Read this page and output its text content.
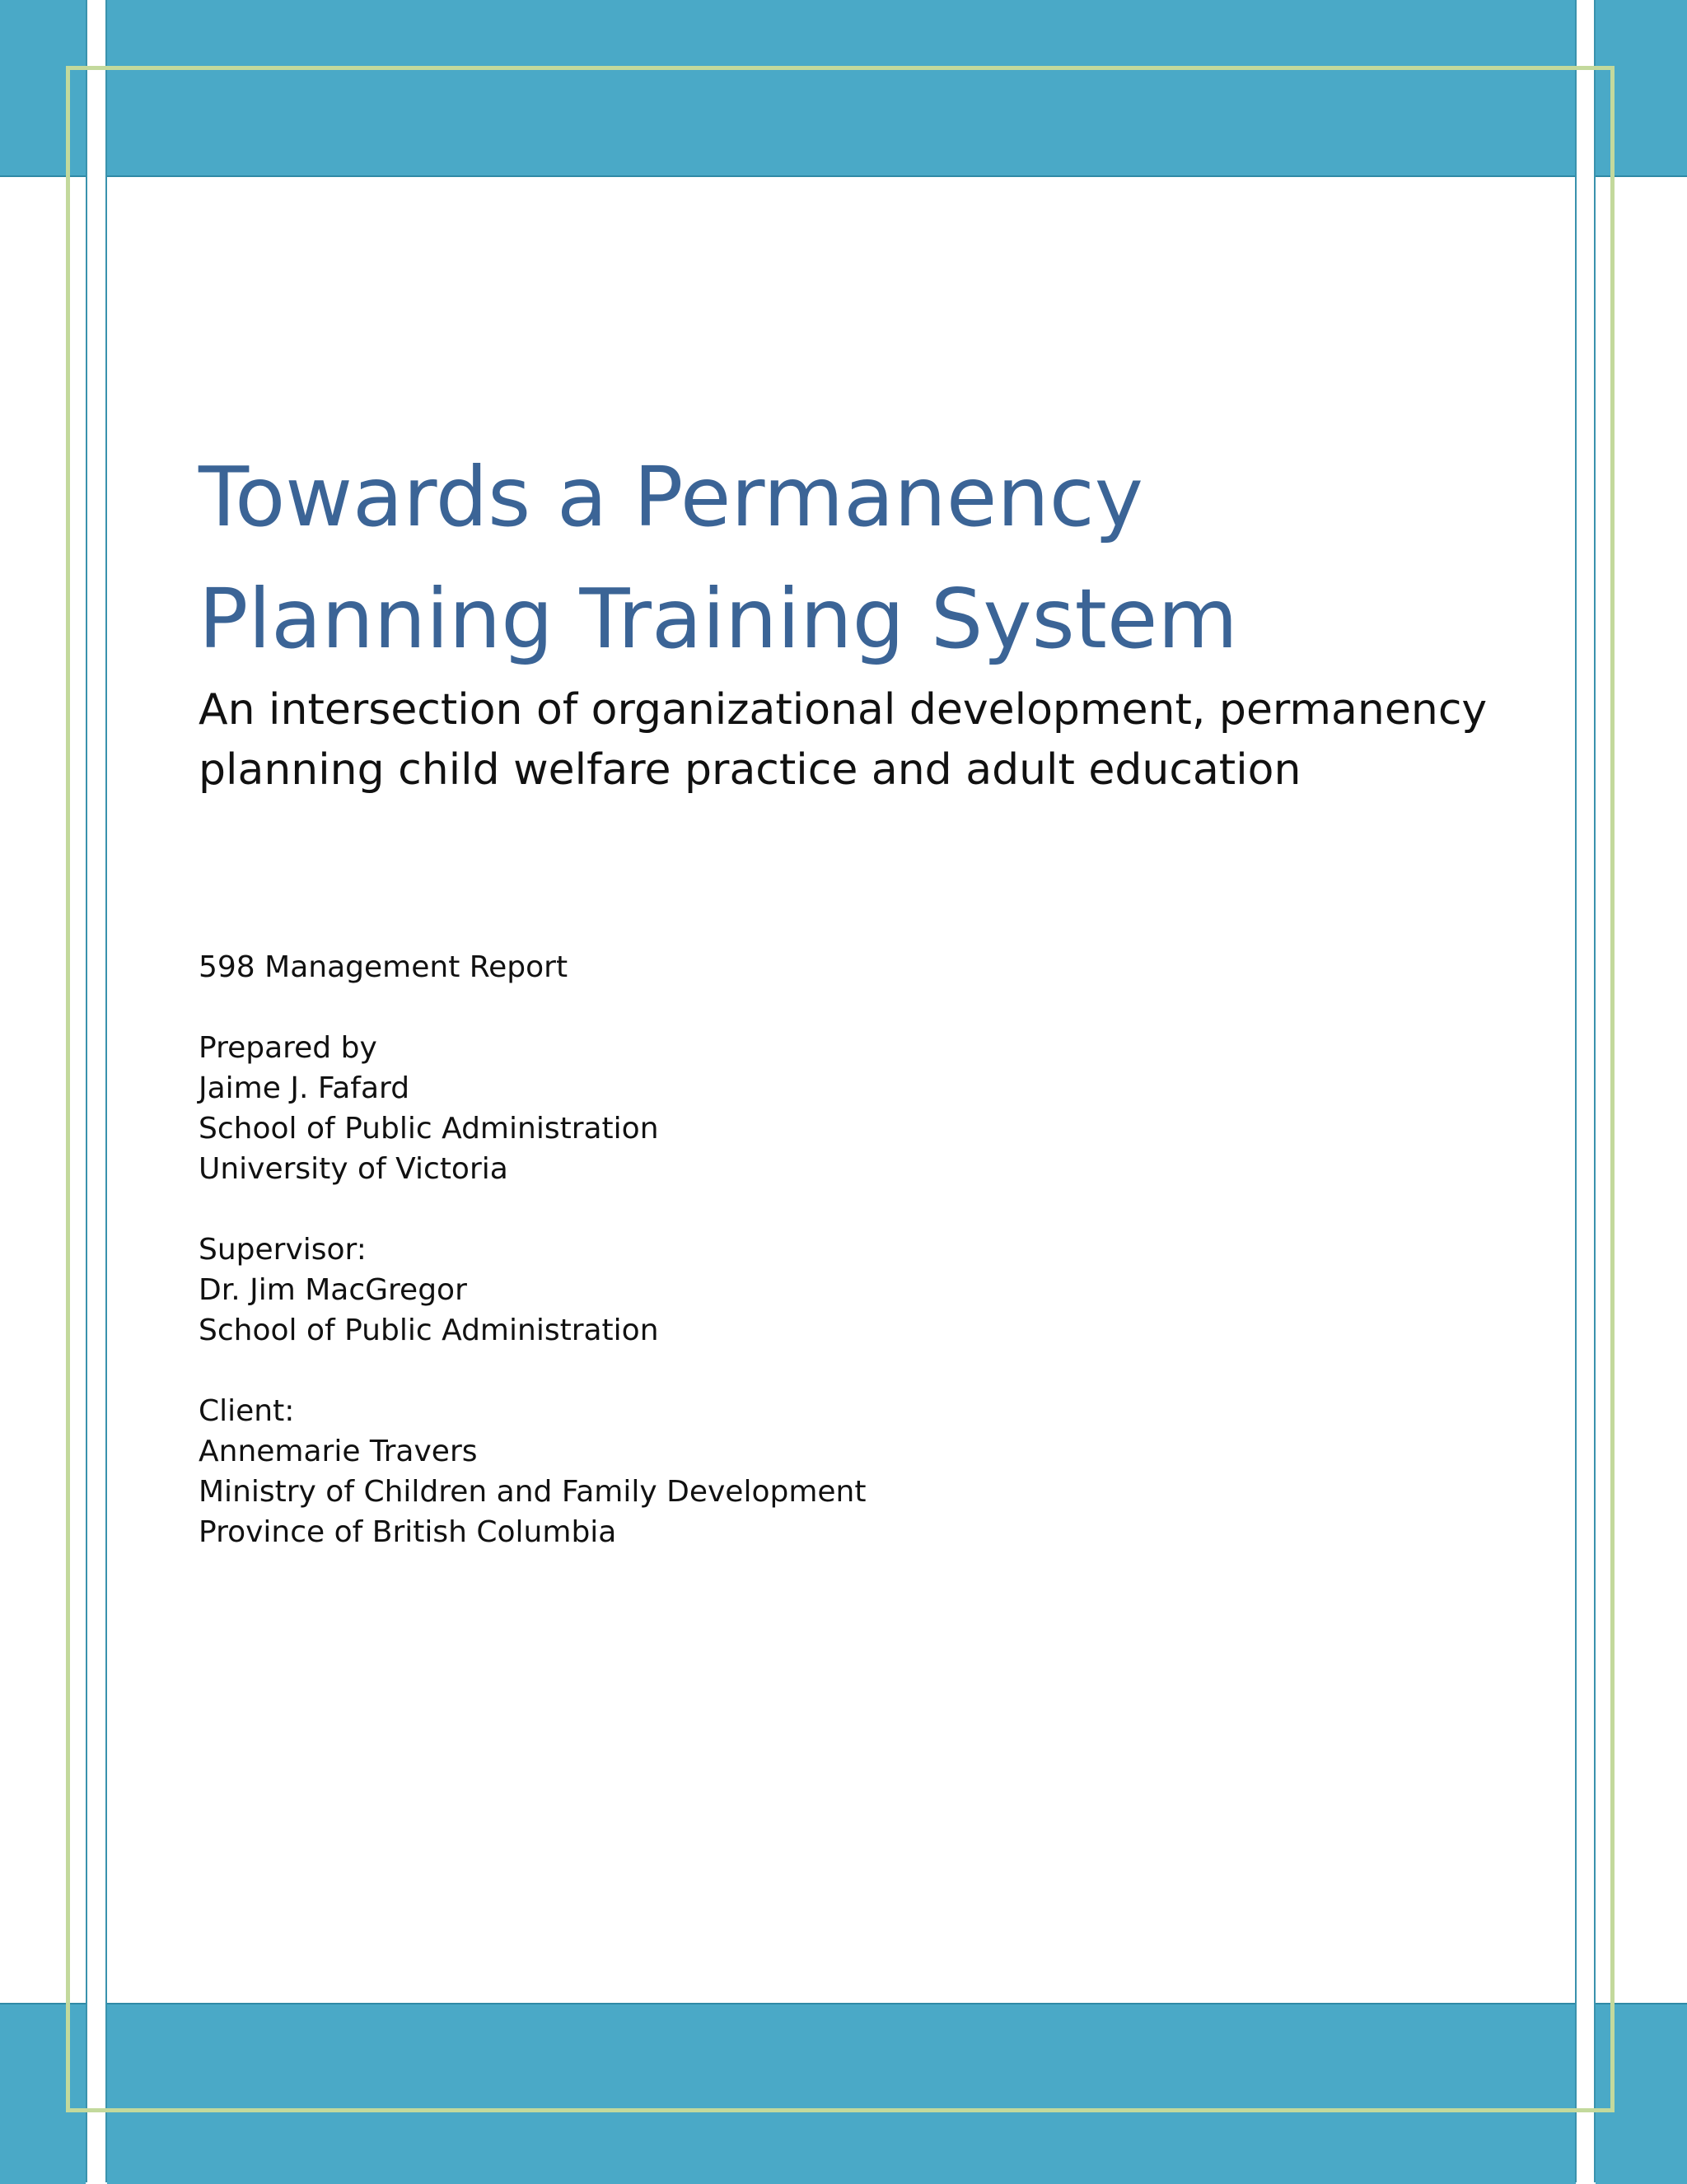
Towards a Permanency
Planning Training System

An intersection of organizational development, permanency
planning child welfare practice and adult education

598 Management Report

Prepared by

Jaime J. Fafard

School of Public Administration

University of Victoria

Supervisor:

Dr. Jim MacGregor

School of Public Administration

Client:

Annemarie Travers

Ministry of Children and Family Development

Province of British Columbia
